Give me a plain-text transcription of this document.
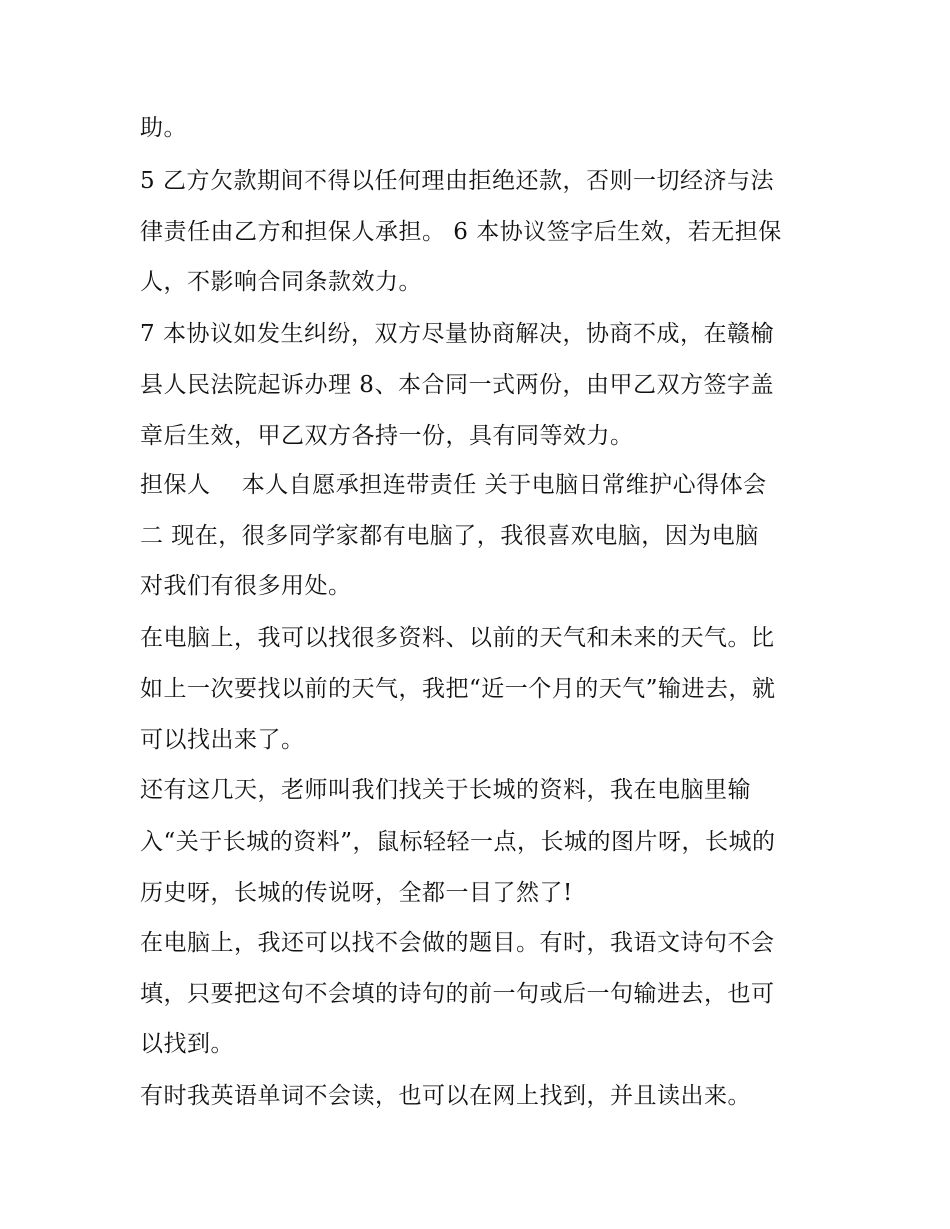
助。
5 乙方欠款期间不得以任何理由拒绝还款，否则一切经济与法
律责任由乙方和担保人承担。 6 本协议签字后生效，若无担保
人，不影响合同条款效力。
7 本协议如发生纠纷，双方尽量协商解决，协商不成，在赣榆
县人民法院起诉办理 8、本合同一式两份，由甲乙双方签字盖
章后生效，甲乙双方各持一份，具有同等效力。
担保人 　本人自愿承担连带责任 关于电脑日常维护心得体会
二 现在，很多同学家都有电脑了，我很喜欢电脑，因为电脑
对我们有很多用处。
在电脑上，我可以找很多资料、以前的天气和未来的天气。比
如上一次要找以前的天气，我把“近一个月的天气”输进去，就
可以找出来了。
还有这几天，老师叫我们找关于长城的资料，我在电脑里输
入“关于长城的资料”，鼠标轻轻一点，长城的图片呀，长城的
历史呀，长城的传说呀，全都一目了然了!
在电脑上，我还可以找不会做的题目。有时，我语文诗句不会
填，只要把这句不会填的诗句的前一句或后一句输进去，也可
以找到。
有时我英语单词不会读，也可以在网上找到，并且读出来。
